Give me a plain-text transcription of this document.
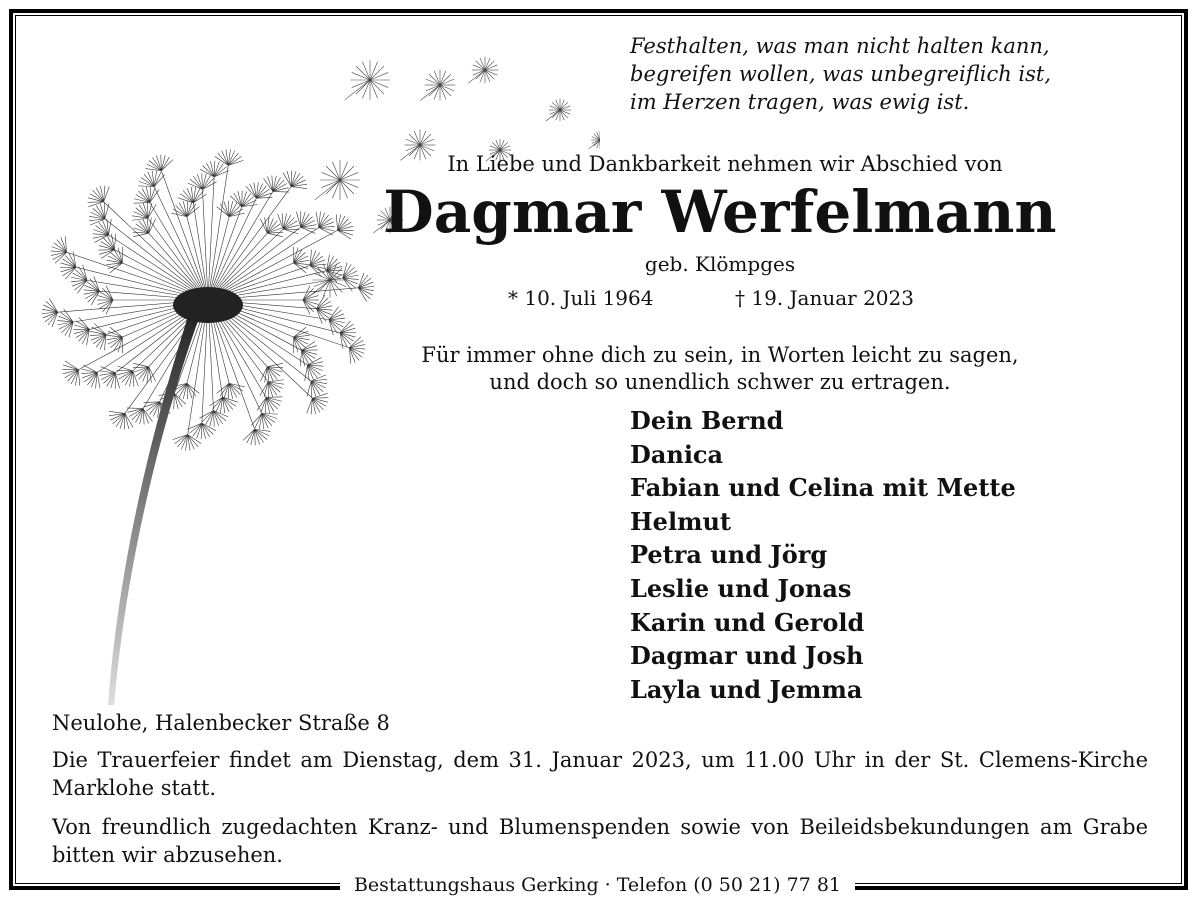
Bestattungshaus Gerking · Telefon (0 50 21) 77 81
Festhalten, was man nicht halten kann,
begreifen wollen, was unbegreiflich ist,
im Herzen tragen, was ewig ist.
In Liebe und Dankbarkeit nehmen wir Abschied von
Dagmar Werfelmann
geb. Klömpges
* 10. Juli 1964	† 19. Januar 2023
Für immer ohne dich zu sein, in Worten leicht zu sagen,
und doch so unendlich schwer zu ertragen.
Dein Bernd
Danica
Fabian und Celina mit Mette
Helmut
Petra und Jörg
Leslie und Jonas
Karin und Gerold
Dagmar und Josh
Layla und Jemma
Neulohe, Halenbecker Straße 8
Die Trauerfeier findet am Dienstag, dem 31. Januar 2023, um 11.00 Uhr in der St. Clemens-Kirche Marklohe statt.
Von freundlich zugedachten Kranz- und Blumenspenden sowie von Beileidsbekundungen am Grabe bitten wir abzusehen.
